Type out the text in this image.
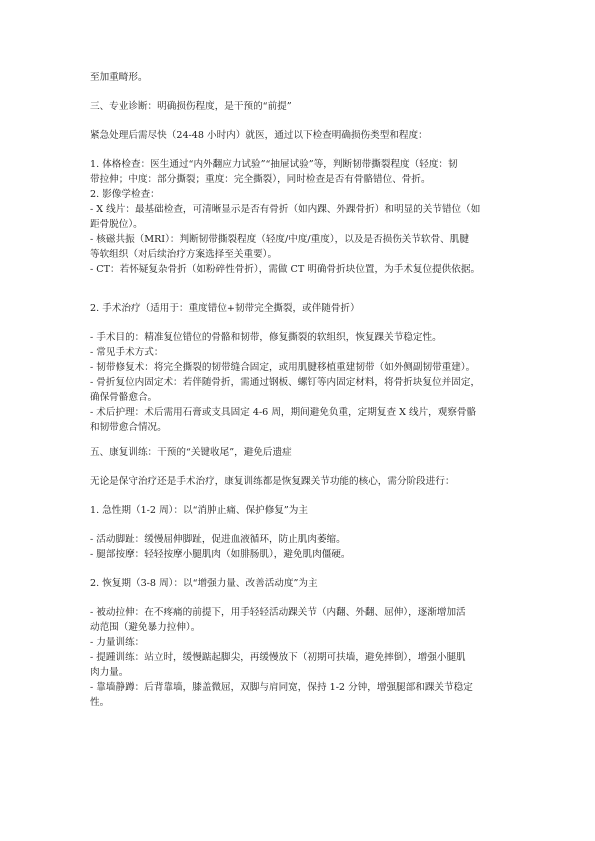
至加重畸形。
三、专业诊断：明确损伤程度，是干预的“前提”
紧急处理后需尽快（24-48 小时内）就医，通过以下检查明确损伤类型和程度：
1. 体格检查：医生通过“内外翻应力试验”“抽屉试验”等，判断韧带撕裂程度（轻度：韧
带拉伸；中度：部分撕裂；重度：完全撕裂），同时检查是否有骨骼错位、骨折。
2. 影像学检查：
- X 线片：最基础检查，可清晰显示是否有骨折（如内踝、外踝骨折）和明显的关节错位（如
距骨脱位）。
- 核磁共振（MRI）：判断韧带撕裂程度（轻度/中度/重度），以及是否损伤关节软骨、肌腱
等软组织（对后续治疗方案选择至关重要）。
- CT：若怀疑复杂骨折（如粉碎性骨折），需做 CT 明确骨折块位置，为手术复位提供依据。
2. 手术治疗（适用于：重度错位+韧带完全撕裂，或伴随骨折）
- 手术目的：精准复位错位的骨骼和韧带，修复撕裂的软组织，恢复踝关节稳定性。
- 常见手术方式：
- 韧带修复术：将完全撕裂的韧带缝合固定，或用肌腱移植重建韧带（如外侧副韧带重建）。
- 骨折复位内固定术：若伴随骨折，需通过钢板、螺钉等内固定材料，将骨折块复位并固定，
确保骨骼愈合。
- 术后护理：术后需用石膏或支具固定 4-6 周，期间避免负重，定期复查 X 线片，观察骨骼
和韧带愈合情况。
五、康复训练：干预的“关键收尾”，避免后遗症
无论是保守治疗还是手术治疗，康复训练都是恢复踝关节功能的核心，需分阶段进行：
1. 急性期（1-2 周）：以“消肿止痛、保护修复”为主
- 活动脚趾：缓慢屈伸脚趾，促进血液循环，防止肌肉萎缩。
- 腿部按摩：轻轻按摩小腿肌肉（如腓肠肌），避免肌肉僵硬。
2. 恢复期（3-8 周）：以“增强力量、改善活动度”为主
- 被动拉伸：在不疼痛的前提下，用手轻轻活动踝关节（内翻、外翻、屈伸），逐渐增加活
动范围（避免暴力拉伸）。
- 力量训练：
- 提踵训练：站立时，缓慢踮起脚尖，再缓慢放下（初期可扶墙，避免摔倒），增强小腿肌
肉力量。
- 靠墙静蹲：后背靠墙，膝盖微屈，双脚与肩同宽，保持 1-2 分钟，增强腿部和踝关节稳定
性。
